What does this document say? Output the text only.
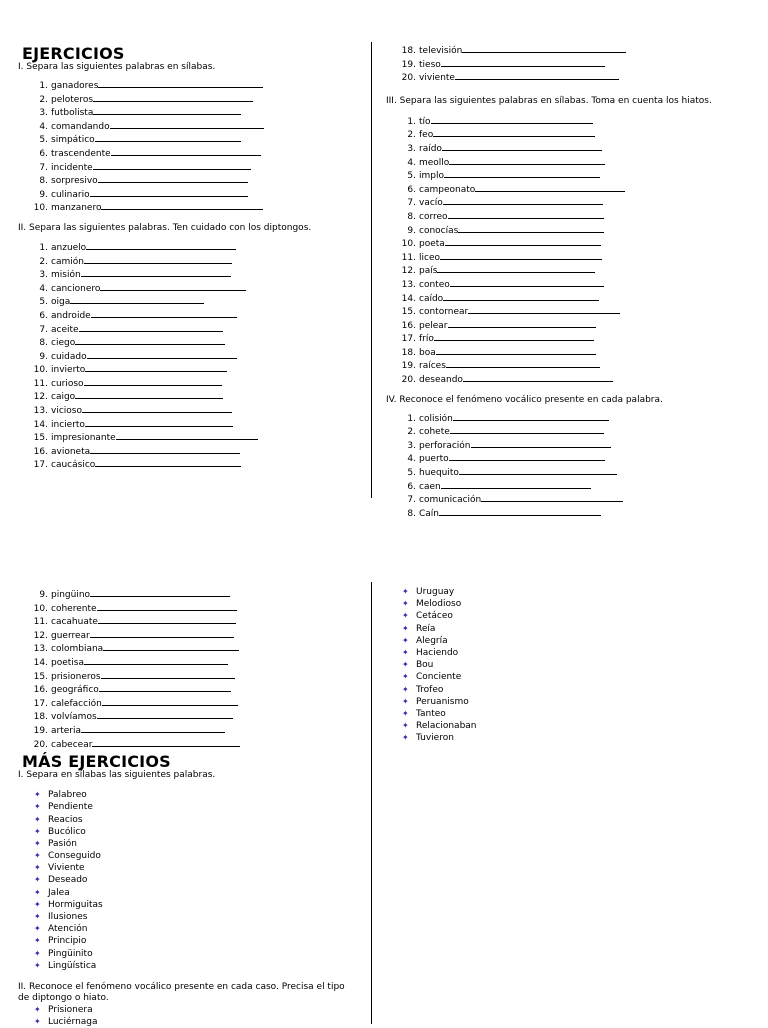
EJERCICIOS

I. Separa las siguientes palabras en sílabas.

1. ganadores
2. peloteros
3. futbolista
4. comandando
5. simpático
6. trascendente
7. incidente
8. sorpresivo
9. culinario
10. manzanero

II. Separa las siguientes palabras. Ten cuidado con los diptongos.

1. anzuelo
2. camión
3. misión
4. cancionero
5. oiga
6. androide
7. aceite
8. ciego
9. cuidado
10. invierto
11. curioso
12. caigo
13. vicioso
14. incierto
15. impresionante
16. avioneta
17. caucásico
18. televisión
19. tieso
20. viviente

III. Separa las siguientes palabras en sílabas. Toma en cuenta los hiatos.

1. tío
2. feo
3. raído
4. meollo
5. implo
6. campeonato
7. vacío
8. correo
9. conocías
10. poeta
11. liceo
12. país
13. conteo
14. caído
15. contornear
16. pelear
17. frío
18. boa
19. raíces
20. deseando

IV. Reconoce el fenómeno vocálico presente en cada palabra.

1. colisión
2. cohete
3. perforación
4. puerto
5. huequito
6. caen
7. comunicación
8. Caín
9. pingüino
10. coherente
11. cacahuate
12. guerrear
13. colombiana
14. poetisa
15. prisioneros
16. geográfico
17. calefacción
18. volvíamos
19. arteria
20. cabecear
MÁS EJERCICIOS

I. Separa en sílabas las siguientes palabras.

✦ Palabreo
✦ Pendiente
✦ Reacios
✦ Bucólico
✦ Pasión
✦ Conseguido
✦ Viviente
✦ Deseado
✦ Jalea
✦ Hormiguitas
✦ Ilusiones
✦ Atención
✦ Principio
✦ Pingüinito
✦ Lingüística

II. Reconoce el fenómeno vocálico presente en cada caso. Precisa el tipo de diptongo o hiato.

✦ Prisionera
✦ Luciérnaga
✦ Uruguay
✦ Melodioso
✦ Cetáceo
✦ Reía
✦ Alegría
✦ Haciendo
✦ Bou
✦ Conciente
✦ Trofeo
✦ Peruanismo
✦ Tanteo
✦ Relacionaban
✦ Tuvieron
